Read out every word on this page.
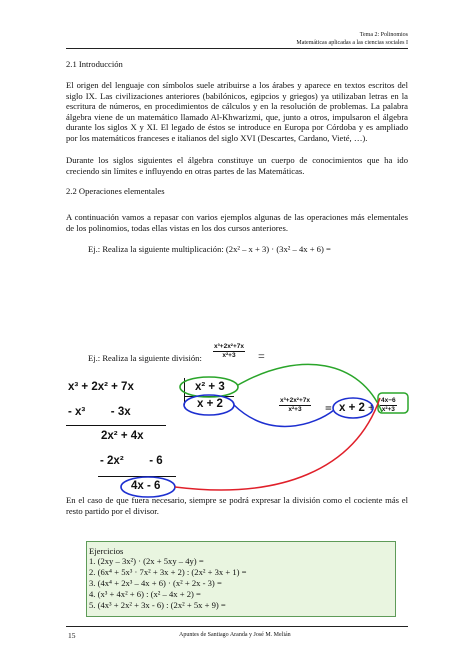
Tema 2: Polinomios
Matemáticas aplicadas a las ciencias sociales I
2.1 Introducción
El origen del lenguaje con símbolos suele atribuirse a los árabes y aparece en textos escritos del siglo IX. Las civilizaciones anteriores (babilónicos, egipcios y griegos) ya utilizaban letras en la escritura de números, en procedimientos de cálculos y en la resolución de problemas. La palabra álgebra viene de un matemático llamado Al-Khwarizmi, que, junto a otros, impulsaron el álgebra durante los siglos X y XI. El legado de éstos se introduce en Europa por Córdoba y es ampliado por los matemáticos franceses e italianos del siglo XVI (Descartes, Cardano, Vieté, …).
Durante los siglos siguientes el álgebra constituye un cuerpo de conocimientos que ha ido creciendo sin límites e influyendo en otras partes de las Matemáticas.
2.2 Operaciones elementales
A continuación vamos a repasar con varios ejemplos algunas de las operaciones más elementales de los polinomios, todas ellas vistas en los dos cursos anteriores.
Ej.: Realiza la siguiente multiplicación: (2x² – x + 3) · (3x² – 4x + 6) =
Ej.: Realiza la siguiente división: $\frac{\text{x³+2x²+7x}}{\text{x²+3}}$ =
x³ + 2x² + 7x
- x³        - 3x
2x² + 4x
- 2x²        - 6
4x - 6
x² + 3
x + 2	$\frac{\text{x³+2x²+7x}}{\text{x²+3}} = x + 2 + \frac{4x-6}{\text{x²+3}}$
En el caso de que fuera necesario, siempre se podrá expresar la división como el cociente más el resto partido por el divisor.
Ejercicios
1. (2xy – 3x²) · (2x + 5xy – 4y) =
2. (6x⁴ + 5x³ · 7x² + 3x + 2) : (2x² + 3x + 1) =
3. (4x⁴ + 2x³ – 4x + 6) · (x² + 2x - 3) =
4. (x³ + 4x² + 6) : (x² – 4x + 2) =
5. (4x³ + 2x² + 3x - 6) : (2x² + 5x + 9) =
15	Apuntes de Santiago Aranda y José M. Melián
